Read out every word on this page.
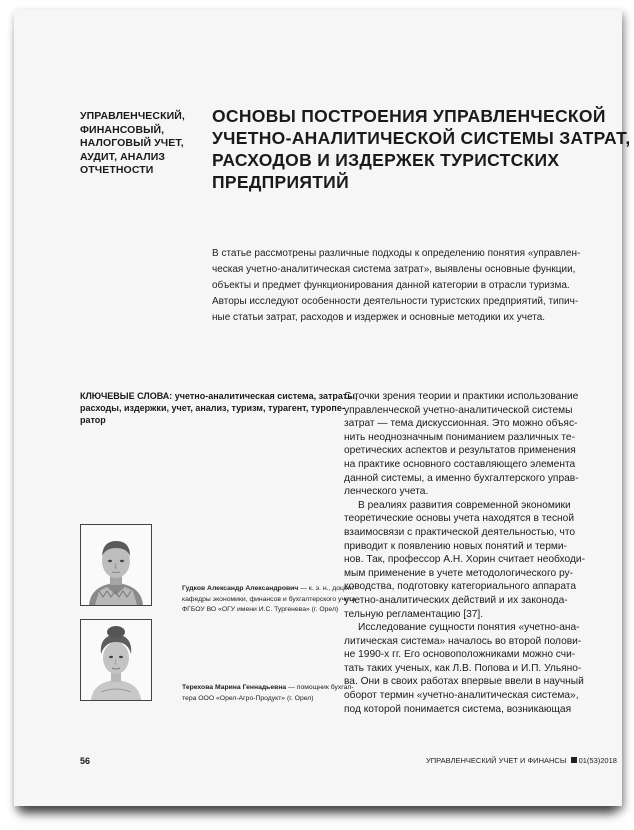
УПРАВЛЕНЧЕСКИЙ,
ФИНАНСОВЫЙ,
НАЛОГОВЫЙ УЧЕТ,
АУДИТ, АНАЛИЗ
ОТЧЕТНОСТИ
ОСНОВЫ ПОСТРОЕНИЯ УПРАВЛЕНЧЕСКОЙ
УЧЕТНО-АНАЛИТИЧЕСКОЙ СИСТЕМЫ ЗАТРАТ,
РАСХОДОВ И ИЗДЕРЖЕК ТУРИСТСКИХ
ПРЕДПРИЯТИЙ
В статье рассмотрены различные подходы к определению понятия «управлен-
ческая учетно-аналитическая система затрат», выявлены основные функции,
объекты и предмет функционирования данной категории в отрасли туризма.
Авторы исследуют особенности деятельности туристских предприятий, типич-
ные статьи затрат, расходов и издержек и основные методики их учета.
КЛЮЧЕВЫЕ СЛОВА: учетно-аналитическая система, затраты,
расходы, издержки, учет, анализ, туризм, турагент, туропе-
ратор
С точки зрения теории и практики использование
управленческой учетно-аналитической системы
затрат — тема дискуссионная. Это можно объяс-
нить неоднозначным пониманием различных те-
оретических аспектов и результатов применения
на практике основного составляющего элемента
данной системы, а именно бухгалтерского управ-
ленческого учета.
В реалиях развития современной экономики
теоретические основы учета находятся в тесной
взаимосвязи с практической деятельностью, что
приводит к появлению новых понятий и терми-
нов. Так, профессор А.Н. Хорин считает необходи-
мым применение в учете методологического ру-
ководства, подготовку категориального аппарата
учетно-аналитических действий и их законода-
тельную регламентацию [37].
Исследование сущности понятия «учетно-ана-
литическая система» началось во второй полови-
не 1990-х гг. Его основоположниками можно счи-
тать таких ученых, как Л.В. Попова и И.П. Ульяно-
ва. Они в своих работах впервые ввели в научный
оборот термин «учетно-аналитическая система»,
под которой понимается система, возникающая
Гудков Александр Александрович — к. э. н., доцент
кафедры экономики, финансов и бухгалтерского учета
ФГБОУ ВО «ОГУ имени И.С. Тургенева» (г. Орел)
Терехова Марина Геннадьевна — помощник бухгал-
тера ООО «Орел-Агро-Продукт» (г. Орел)
56	УПРАВЛЕНЧЕСКИЙ УЧЕТ И ФИНАНСЫ 01(53)2018
